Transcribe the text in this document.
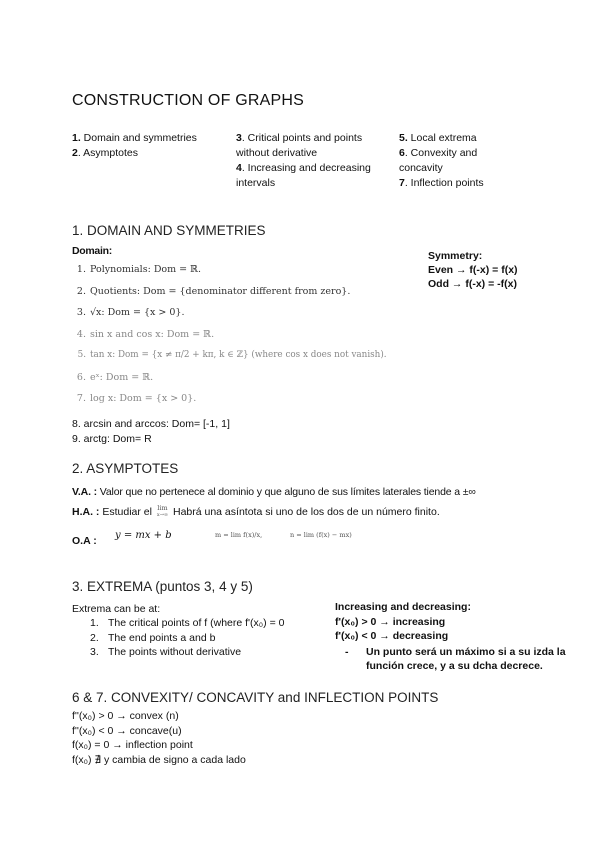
CONSTRUCTION OF GRAPHS
1. Domain and symmetries
2. Asymptotes
3. Critical points and points without derivative
4. Increasing and decreasing intervals
5. Local extrema
6. Convexity and concavity
7. Inflection points
1. DOMAIN AND SYMMETRIES
Domain:
1. Polynomials: Dom = ℝ.
2. Quotients: Dom = {denominator different from zero}.
3. √x: Dom = {x > 0}.
4. sin x and cos x: Dom = ℝ.
5. tan x: Dom = {x ≠ π/2 + kπ, k ∈ ℤ} (where cos x does not vanish).
6. eˣ: Dom = ℝ.
7. log x: Dom = {x > 0}.
8. arcsin and arccos: Dom= [-1, 1]
9. arctg: Dom= R
Symmetry:
Even → f(-x) = f(x)
Odd → f(-x) = -f(x)
2. ASYMPTOTES
V.A. : Valor que no pertenece al dominio y que alguno de sus límites laterales tiende a ±∞
H.A. : Estudiar el lim
x→∞ Habrá una asíntota si uno de los dos de un número finito.
O.A : y = mx + b	m = lim f(x)/x,	n = lim (f(x) − mx)
3. EXTREMA (puntos 3, 4 y 5)
Extrema can be at:
1. The critical points of f (where f'(x₀) = 0
2. The end points a and b
3. The points without derivative
Increasing and decreasing:
f'(x₀) > 0 → increasing
f'(x₀) < 0 → decreasing
- Un punto será un máximo si a su izda la función crece, y a su dcha decrece.
6 & 7. CONVEXITY/ CONCAVITY and INFLECTION POINTS
f''(x₀) > 0 → convex (n)
f''(x₀) < 0 → concave(u)
f(x₀) = 0 → inflection point
f(x₀) ∄ y cambia de signo a cada lado
